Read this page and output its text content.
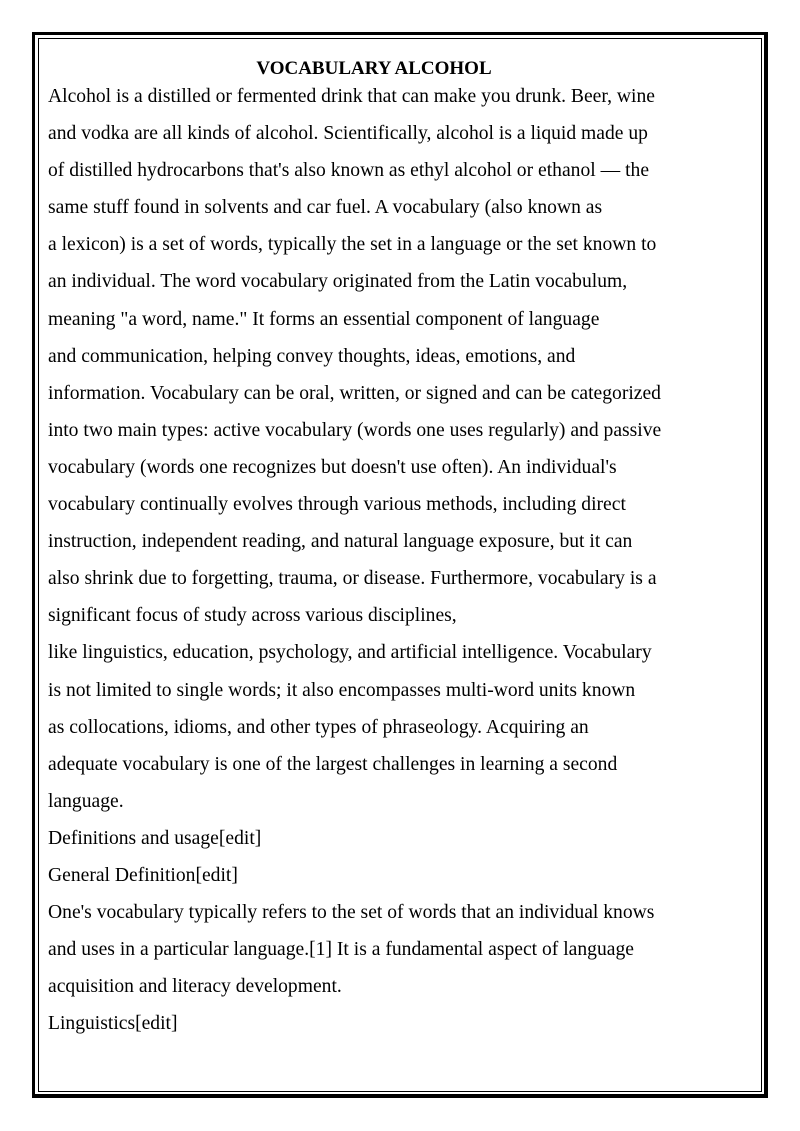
VOCABULARY ALCOHOL
Alcohol is a distilled or fermented drink that can make you drunk. Beer, wine
and vodka are all kinds of alcohol. Scientifically, alcohol is a liquid made up
of distilled hydrocarbons that's also known as ethyl alcohol or ethanol — the
same stuff found in solvents and car fuel. A vocabulary (also known as
a lexicon) is a set of words, typically the set in a language or the set known to
an individual. The word vocabulary originated from the Latin vocabulum,
meaning "a word, name." It forms an essential component of language
and communication, helping convey thoughts, ideas, emotions, and
information. Vocabulary can be oral, written, or signed and can be categorized
into two main types: active vocabulary (words one uses regularly) and passive
vocabulary (words one recognizes but doesn't use often). An individual's
vocabulary continually evolves through various methods, including direct
instruction, independent reading, and natural language exposure, but it can
also shrink due to forgetting, trauma, or disease. Furthermore, vocabulary is a
significant focus of study across various disciplines,
like linguistics, education, psychology, and artificial intelligence. Vocabulary
is not limited to single words; it also encompasses multi-word units known
as collocations, idioms, and other types of phraseology. Acquiring an
adequate vocabulary is one of the largest challenges in learning a second
language.
Definitions and usage[edit]
General Definition[edit]
One's vocabulary typically refers to the set of words that an individual knows
and uses in a particular language.[1] It is a fundamental aspect of language
acquisition and literacy development.
Linguistics[edit]
